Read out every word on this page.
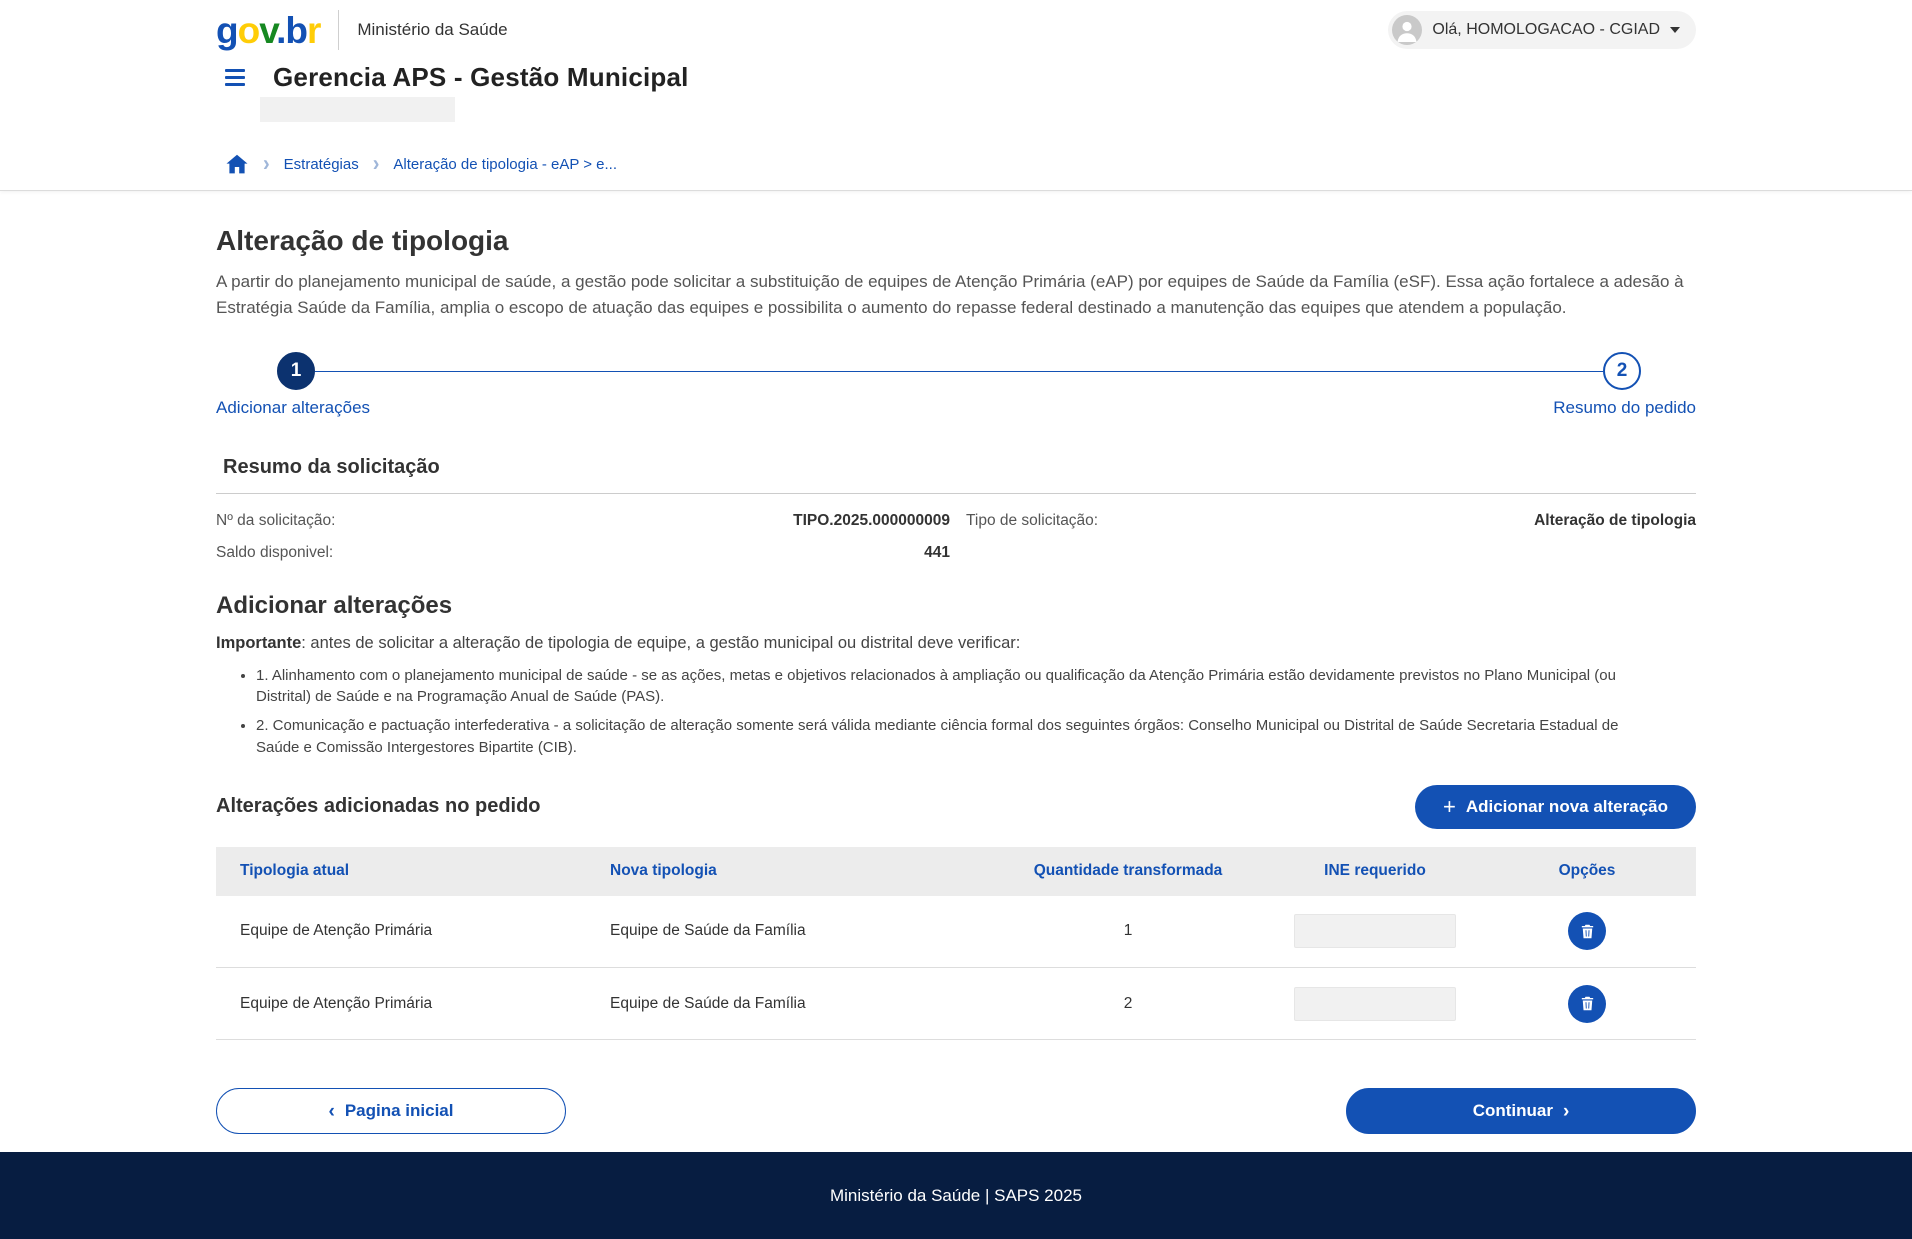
gov.br Ministério da Saúde	Olá, HOMOLOGACAO - CGIAD
Gerencia APS - Gestão Municipal
› Estratégias › Alteração de tipologia - eAP > e...
Alteração de tipologia

A partir do planejamento municipal de saúde, a gestão pode solicitar a substituição de equipes de Atenção Primária (eAP) por equipes de Saúde da Família (eSF). Essa ação fortalece a adesão à Estratégia Saúde da Família, amplia o escopo de atuação das equipes e possibilita o aumento do repasse federal destinado a manutenção das equipes que atendem a população.

1	2
Adicionar alterações	Resumo do pedido
Resumo da solicitação
Nº da solicitação:	TIPO.2025.000000009 Tipo de solicitação:	Alteração de tipologia
Saldo disponivel:	441
Adicionar alterações

Importante: antes de solicitar a alteração de tipologia de equipe, a gestão municipal ou distrital deve verificar:

• 1. Alinhamento com o planejamento municipal de saúde - se as ações, metas e objetivos relacionados à ampliação ou qualificação da Atenção Primária estão devidamente previstos no Plano Municipal (ou Distrital) de Saúde e na Programação Anual de Saúde (PAS).
• 2. Comunicação e pactuação interfederativa - a solicitação de alteração somente será válida mediante ciência formal dos seguintes órgãos: Conselho Municipal ou Distrital de Saúde Secretaria Estadual de Saúde e Comissão Intergestores Bipartite (CIB).
Alterações adicionadas no pedido	+ Adicionar nova alteração
Tipologia atual	Nova tipologia	Quantidade transformada	INE requerido	Opções
Equipe de Atenção Primária	Equipe de Saúde da Família	1		

Equipe de Atenção Primária	Equipe de Saúde da Família	2		
‹ Pagina inicial	Continuar ›
Ministério da Saúde | SAPS 2025
